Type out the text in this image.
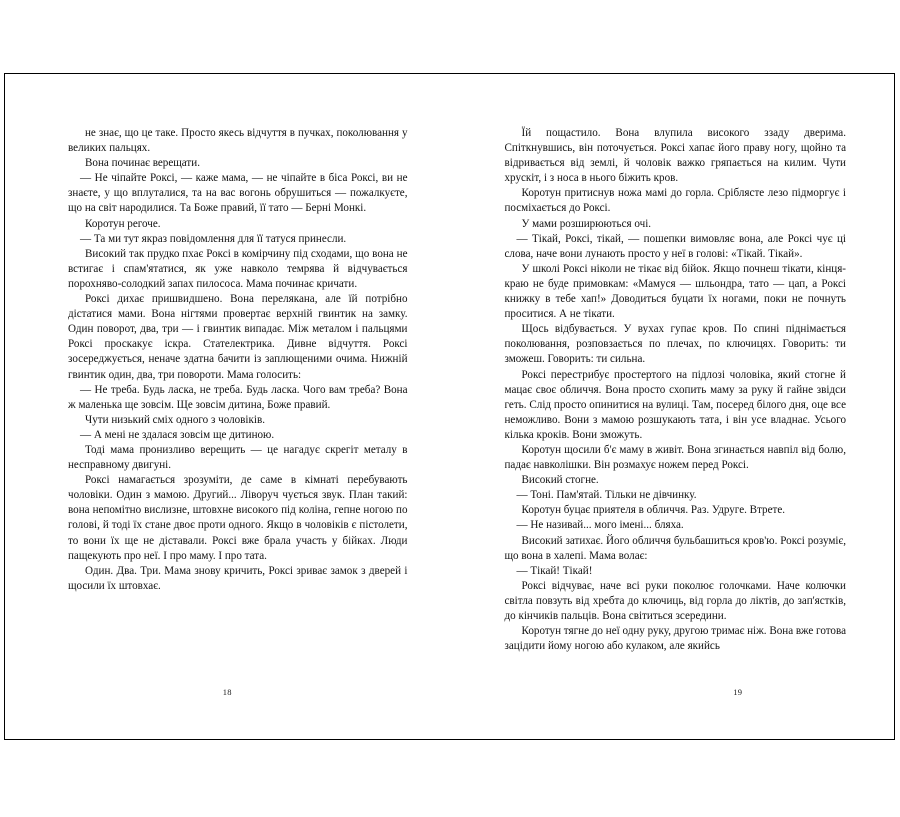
не знає, що це таке. Просто якесь відчуття в пучках, поколювання у великих пальцях.

Вона починає верещати.

— Не чіпайте Роксі, — каже мама, — не чіпайте в біса Роксі, ви не знаєте, у що вплуталися, та на вас вогонь обрушиться — пожалкуєте, що на світ народилися. Та Боже правий, її тато — Берні Монкі.

Коротун регоче.

— Та ми тут якраз повідомлення для її татуся принесли.

Високий так прудко пхає Роксі в комірчину під сходами, що вона не встигає і спам'ятатися, як уже навколо темрява й відчувається порохняво-солодкий запах пилососа. Мама починає кричати.

Роксі дихає пришвидшено. Вона перелякана, але їй потрібно дістатися мами. Вона нігтями провертає верхній гвинтик на замку. Один поворот, два, три — і гвинтик випадає. Між металом і пальцями Роксі проскакує іскра. Стателектрика. Дивне відчуття. Роксі зосереджується, неначе здатна бачити із заплющеними очима. Нижній гвинтик один, два, три повороти. Мама голосить:

— Не треба. Будь ласка, не треба. Будь ласка. Чого вам треба? Вона ж маленька ще зовсім. Ще зовсім дитина, Боже правий.

Чути низький сміх одного з чоловіків.

— А мені не здалася зовсім ще дитиною.

Тоді мама пронизливо верещить — це нагадує скрегіт металу в несправному двигуні.

Роксі намагається зрозуміти, де саме в кімнаті перебувають чоловіки. Один з мамою. Другий... Ліворуч чується звук. План такий: вона непомітно вислизне, штовхне високого під коліна, гепне ногою по голові, й тоді їх стане двоє проти одного. Якщо в чоловіків є пістолети, то вони їх ще не діставали. Роксі вже брала участь у бійках. Люди пащекують про неї. І про маму. І про тата.

Один. Два. Три. Мама знову кричить, Роксі зриває замок з дверей і щосили їх штовхає.

18

Їй пощастило. Вона влупила високого ззаду дверима. Спіткнувшись, він поточується. Роксі хапає його праву ногу, щойно та відривається від землі, й чоловік важко гряпається на килим. Чути хрускіт, і з носа в нього біжить кров.

Коротун притиснув ножа мамі до горла. Сріблясте лезо підморгує і посміхається до Роксі.

У мами розширюються очі.

— Тікай, Роксі, тікай, — пошепки вимовляє вона, але Роксі чує ці слова, наче вони лунають просто у неї в голові: «Тікай. Тікай».

У школі Роксі ніколи не тікає від бійок. Якщо почнеш тікати, кінця-краю не буде примовкам: «Мамуся — шльондра, тато — цап, а Роксі книжку в тебе хап!» Доводиться буцати їх ногами, поки не почнуть проситися. А не тікати.

Щось відбувається. У вухах гупає кров. По спині піднімається поколювання, розповзається по плечах, по ключицях. Говорить: ти зможеш. Говорить: ти сильна.

Роксі перестрибує простертого на підлозі чоловіка, який стогне й мацає своє обличчя. Вона просто схопить маму за руку й гайне звідси геть. Слід просто опинитися на вулиці. Там, посеред білого дня, оце все неможливо. Вони з мамою розшукають тата, і він усе владнає. Усього кілька кроків. Вони зможуть.

Коротун щосили б'є маму в живіт. Вона згинається навпіл від болю, падає навколішки. Він розмахує ножем перед Роксі.

Високий стогне.

— Тоні. Пам'ятай. Тільки не дівчинку.

Коротун буцає приятеля в обличчя. Раз. Удруге. Втрете.

— Не називай... мого імені... бляха.

Високий затихає. Його обличчя бульбашиться кров'ю. Роксі розуміє, що вона в халепі. Мама волає:

— Тікай! Тікай!

Роксі відчуває, наче всі руки поколює голочками. Наче колючки світла повзуть від хребта до ключиць, від горла до ліктів, до зап'ястків, до кінчиків пальців. Вона світиться зсередини.

Коротун тягне до неї одну руку, другою тримає ніж. Вона вже готова зацідити йому ногою або кулаком, але якийсь

19
